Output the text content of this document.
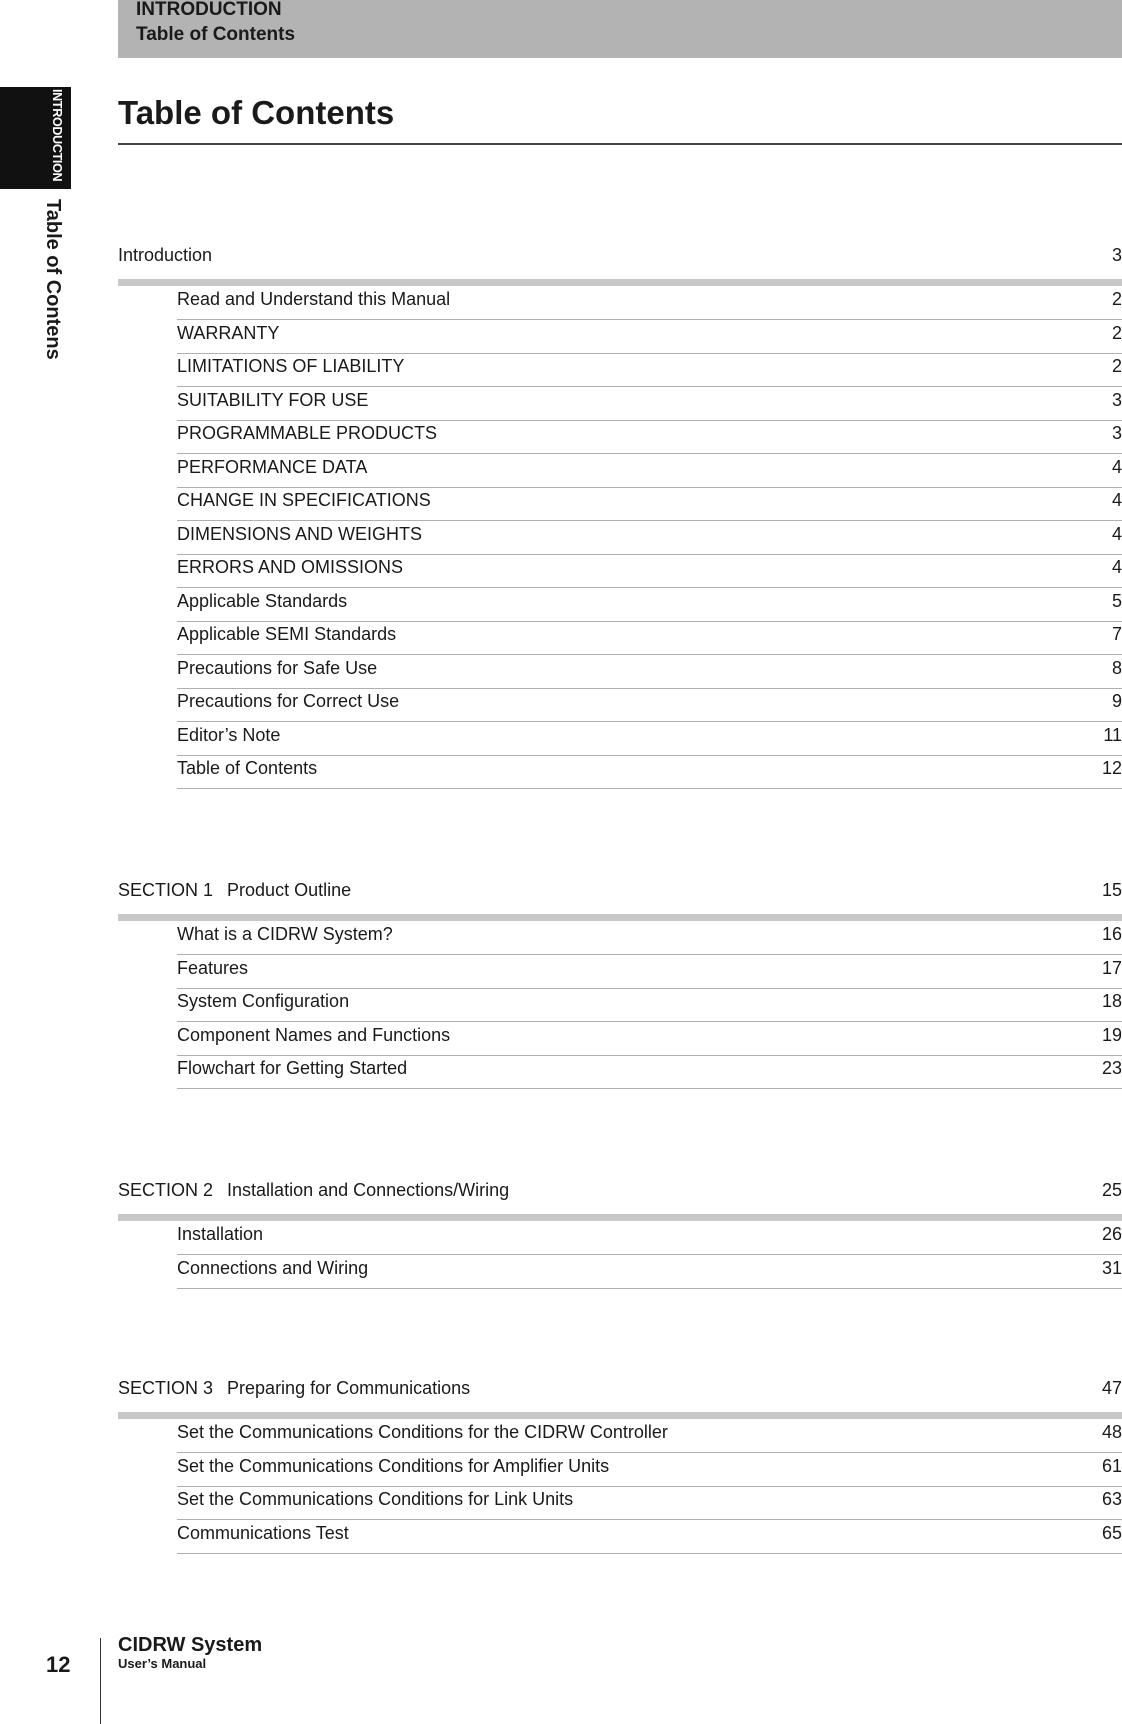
INTRODUCTION
Table of Contents
INTRODUCTION
Table of Contens
Table of Contents
Introduction	3
Read and Understand this Manual	2
WARRANTY	2
LIMITATIONS OF LIABILITY	2
SUITABILITY FOR USE	3
PROGRAMMABLE PRODUCTS	3
PERFORMANCE DATA	4
CHANGE IN SPECIFICATIONS	4
DIMENSIONS AND WEIGHTS	4
ERRORS AND OMISSIONS	4
Applicable Standards	5
Applicable SEMI Standards	7
Precautions for Safe Use	8
Precautions for Correct Use	9
Editor’s Note	11
Table of Contents	12
SECTION 1 Product Outline	15
What is a CIDRW System?	16
Features	17
System Configuration	18
Component Names and Functions	19
Flowchart for Getting Started	23
SECTION 2 Installation and Connections/Wiring	25
Installation	26
Connections and Wiring	31
SECTION 3 Preparing for Communications	47
Set the Communications Conditions for the CIDRW Controller	48
Set the Communications Conditions for Amplifier Units	61
Set the Communications Conditions for Link Units	63
Communications Test	65
12
CIDRW System
User’s Manual
